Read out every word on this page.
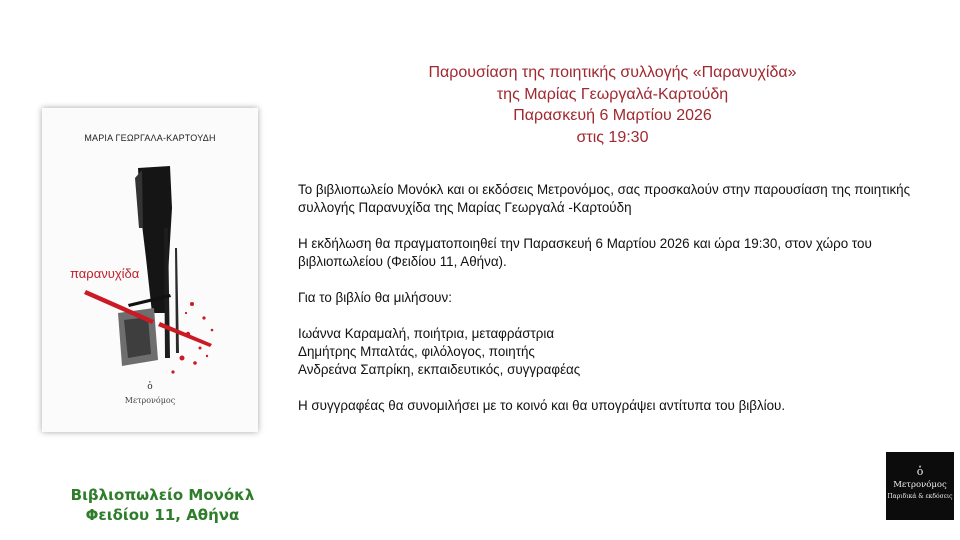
Παρουσίαση της ποιητικής συλλογής «Παρανυχίδα»
της Μαρίας Γεωργαλά-Καρτούδη
Παρασκευή 6 Μαρτίου 2026
στις 19:30
ΜΑΡΙΑ ΓΕΩΡΓΑΛΑ-ΚΑΡΤΟΥΔΗ
παρανυχίδα
ὁ
Μετρονόμος

Το βιβλιοπωλείο Μονόκλ και οι εκδόσεις Μετρονόμος, σας προσκαλούν στην παρουσίαση της ποιητικής

συλλογής Παρανυχίδα της Μαρίας Γεωργαλά -Καρτούδη

Η εκδήλωση θα πραγματοποιηθεί την Παρασκευή 6 Μαρτίου 2026 και ώρα 19:30, στον χώρο του

βιβλιοπωλείου (Φειδίου 11, Αθήνα).

Για το βιβλίο θα μιλήσουν:

Ιωάννα Καραμαλή, ποιήτρια, μεταφράστρια

Δημήτρης Μπαλτάς, φιλόλογος, ποιητής

Ανδρεάνα Σαπρίκη, εκπαιδευτικός, συγγραφέας

Η συγγραφέας θα συνομιλήσει με το κοινό και θα υπογράψει αντίτυπα του βιβλίου.

Βιβλιοπωλείο Μονόκλ
Φειδίου 11, Αθήνα
ὁ
Μετρονόμος
Παριδικά & εκδόσεις
